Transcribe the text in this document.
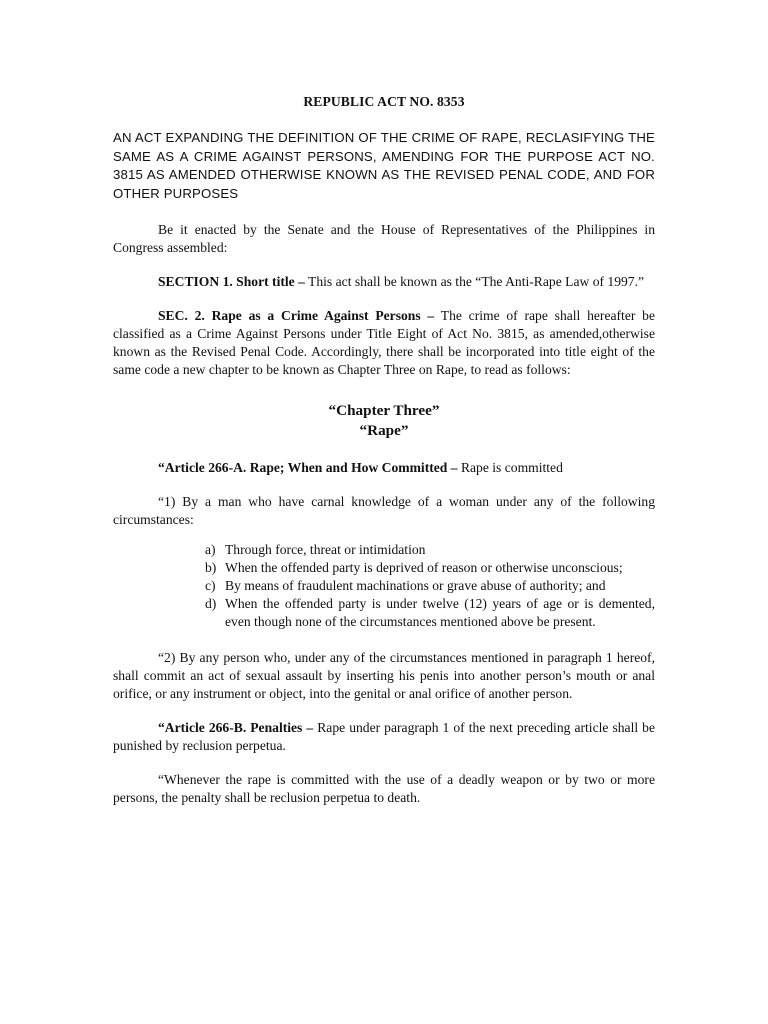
REPUBLIC ACT NO. 8353

AN ACT EXPANDING THE DEFINITION OF THE CRIME OF RAPE, RECLASIFYING THE SAME AS A CRIME AGAINST PERSONS, AMENDING FOR THE PURPOSE ACT NO. 3815 AS AMENDED OTHERWISE KNOWN AS THE REVISED PENAL CODE, AND FOR OTHER PURPOSES

Be it enacted by the Senate and the House of Representatives of the Philippines in Congress assembled:

SECTION 1. Short title – This act shall be known as the “The Anti-Rape Law of 1997.”

SEC. 2. Rape as a Crime Against Persons – The crime of rape shall hereafter be classified as a Crime Against Persons under Title Eight of Act No. 3815, as amended,otherwise known as the Revised Penal Code. Accordingly, there shall be incorporated into title eight of the same code a new chapter to be known as Chapter Three on Rape, to read as follows:

“Chapter Three”
“Rape”

“Article 266-A. Rape; When and How Committed – Rape is committed

“1) By a man who have carnal knowledge of a woman under any of the following circumstances:

a) Through force, threat or intimidation
b) When the offended party is deprived of reason or otherwise unconscious;
c) By means of fraudulent machinations or grave abuse of authority; and
d) When the offended party is under twelve (12) years of age or is demented, even though none of the circumstances mentioned above be present.

“2) By any person who, under any of the circumstances mentioned in paragraph 1 hereof, shall commit an act of sexual assault by inserting his penis into another person’s mouth or anal orifice, or any instrument or object, into the genital or anal orifice of another person.

“Article 266-B. Penalties – Rape under paragraph 1 of the next preceding article shall be punished by reclusion perpetua.

“Whenever the rape is committed with the use of a deadly weapon or by two or more persons, the penalty shall be reclusion perpetua to death.
